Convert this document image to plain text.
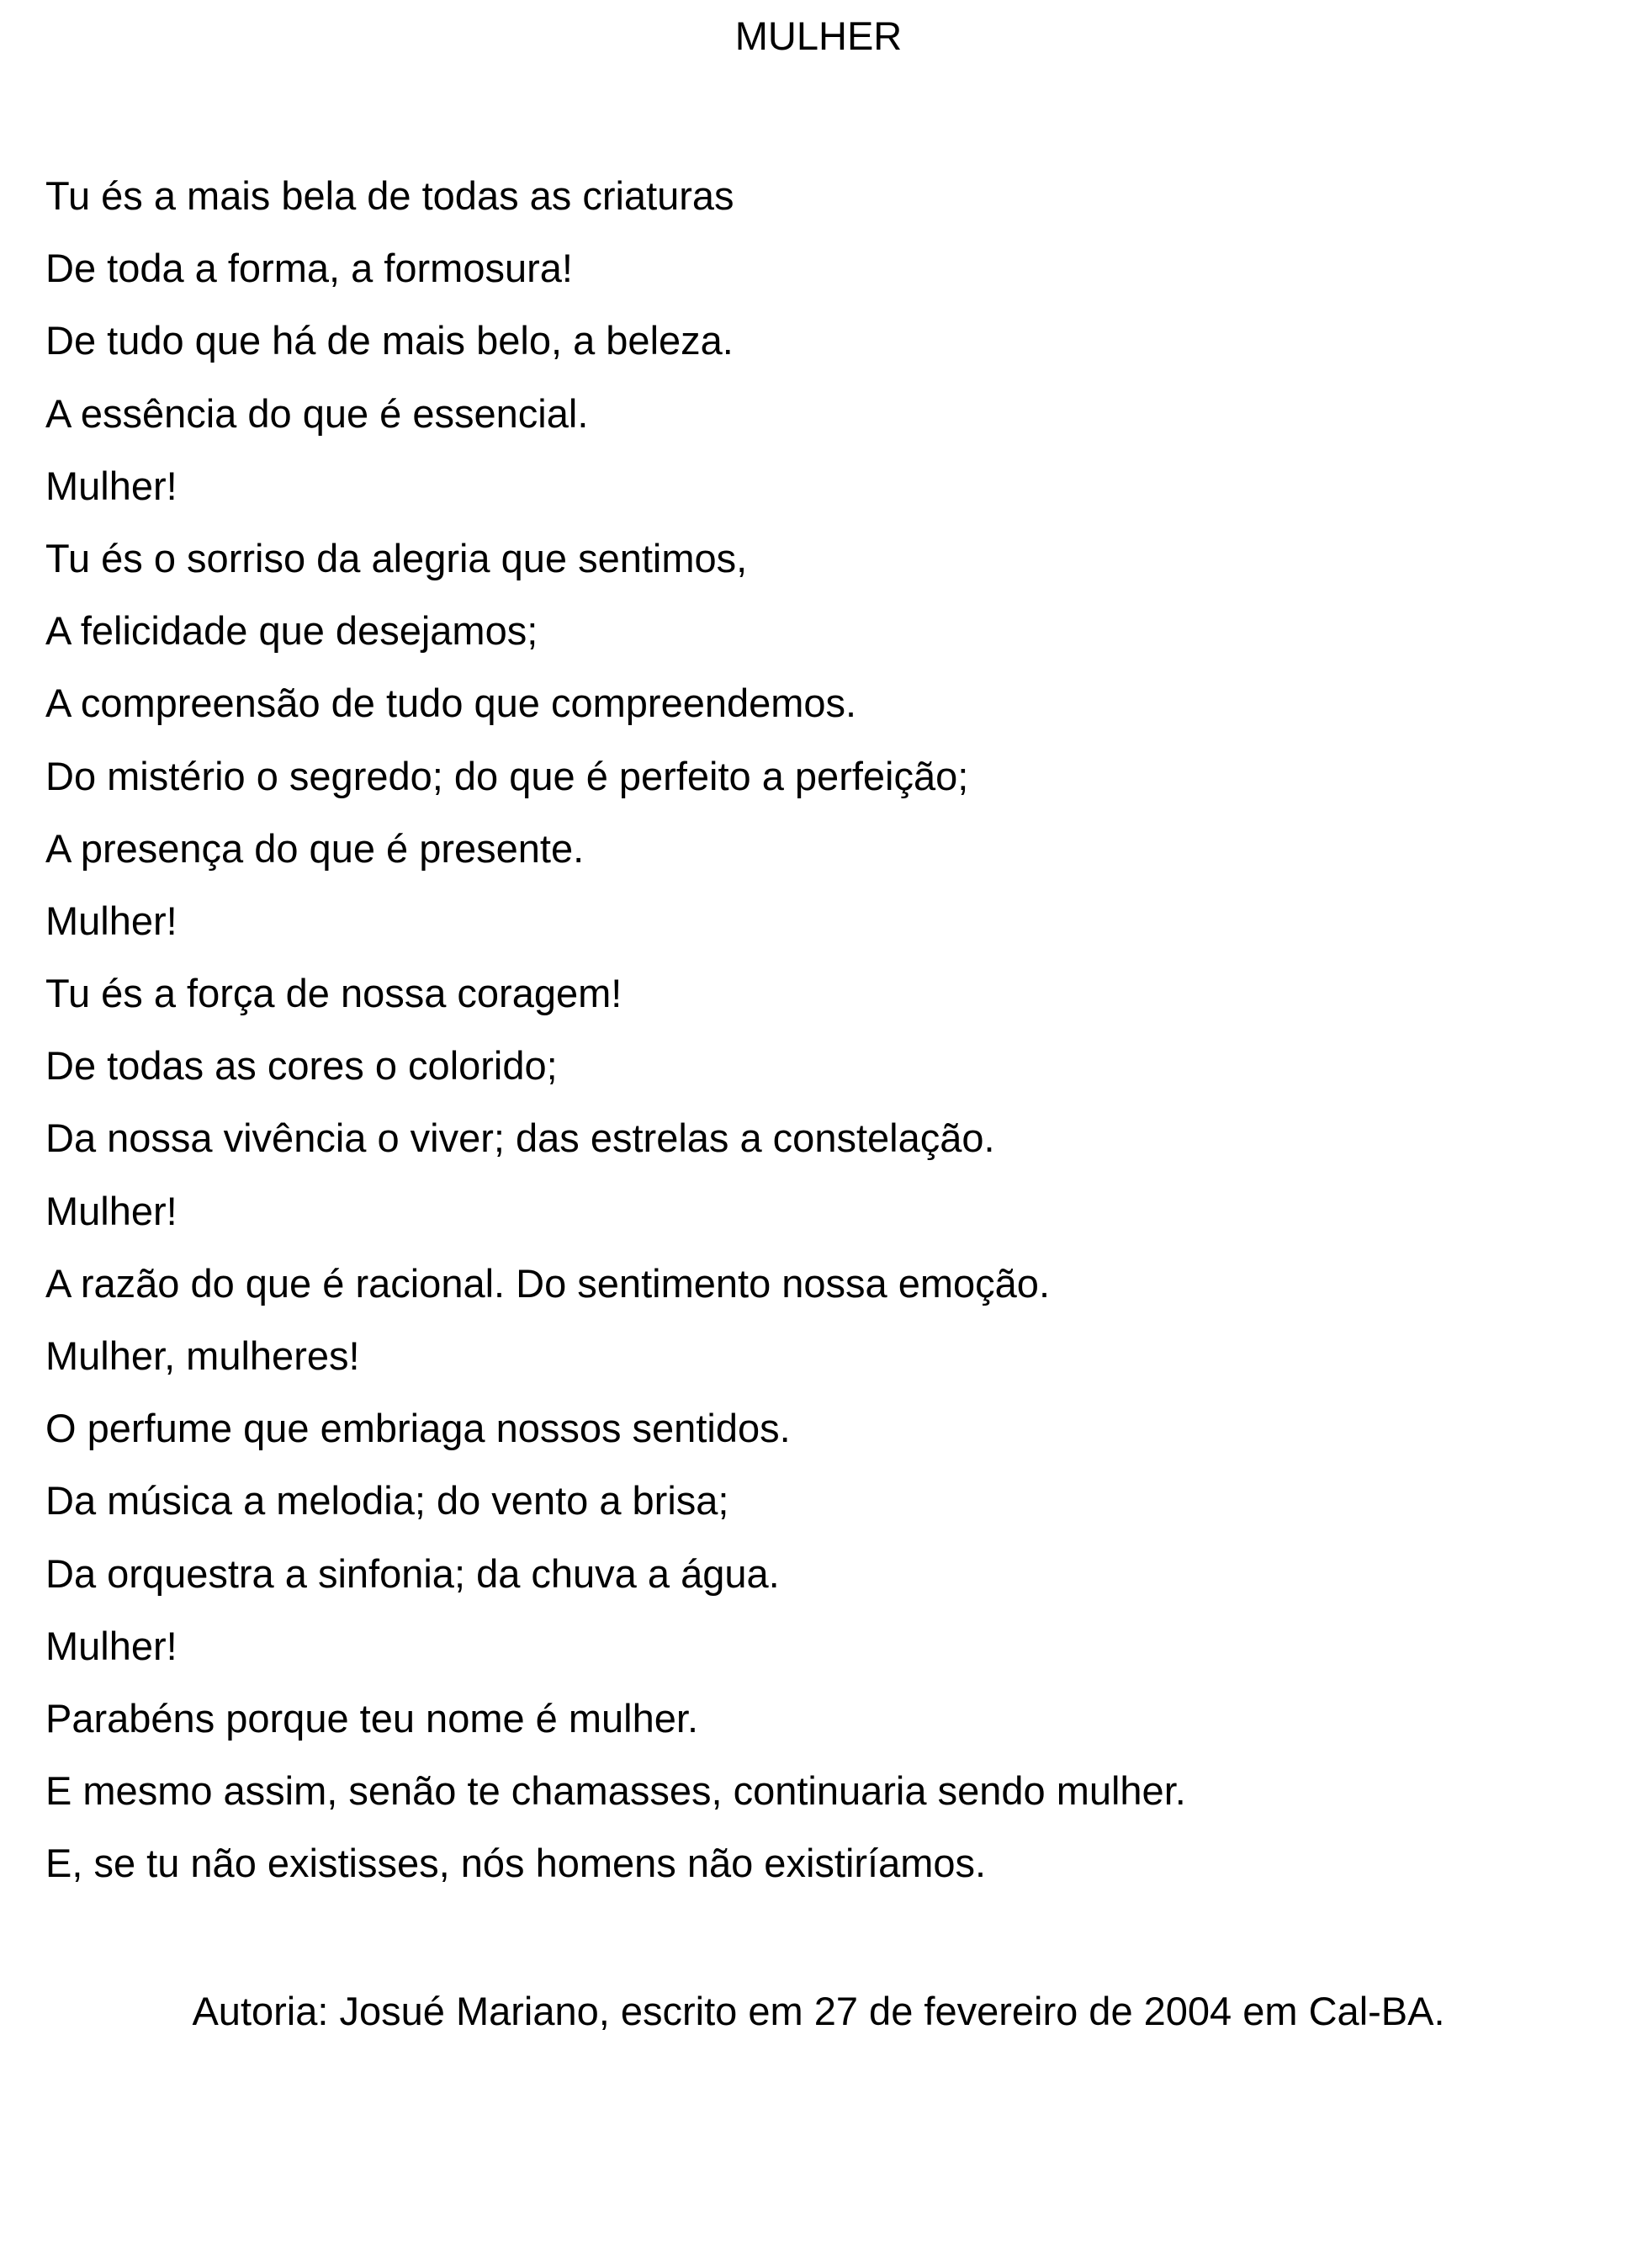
MULHER
Tu és a mais bela de todas as criaturas
De toda a forma, a formosura!
De tudo que há de mais belo, a beleza.
A essência do que é essencial.
Mulher!
Tu és o sorriso da alegria que sentimos,
A felicidade que desejamos;
A compreensão de tudo que compreendemos.
Do mistério o segredo; do que é perfeito a perfeição;
A presença do que é presente.
Mulher!
Tu és a força de nossa coragem!
De todas as cores o colorido;
Da nossa vivência o viver; das estrelas a constelação.
Mulher!
A razão do que é racional. Do sentimento nossa emoção.
Mulher, mulheres!
O perfume que embriaga nossos sentidos.
Da música a melodia; do vento a brisa;
Da orquestra a sinfonia; da chuva a água.
Mulher!
Parabéns porque teu nome é mulher.
E mesmo assim, senão te chamasses, continuaria sendo mulher.
E, se tu não existisses, nós homens não existiríamos.
Autoria: Josué Mariano, escrito em 27 de fevereiro de 2004 em Cal-BA.
